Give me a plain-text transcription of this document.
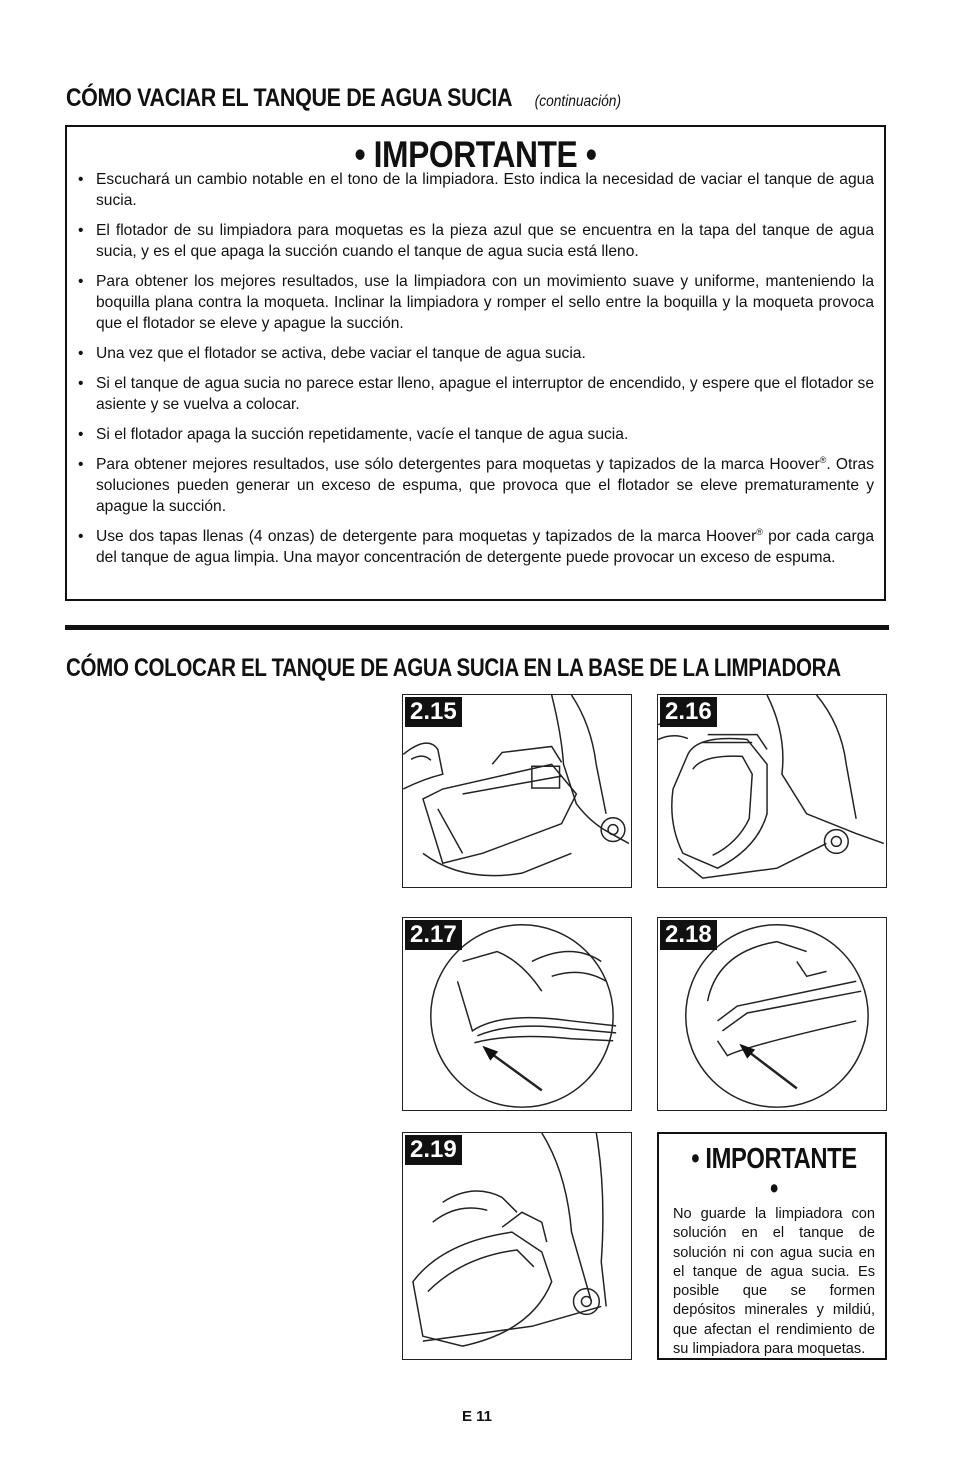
CÓMO VACIAR EL TANQUE DE AGUA SUCIA (continuación)
• IMPORTANTE •
• Escuchará un cambio notable en el tono de la limpiadora. Esto indica la necesidad de vaciar el tanque de agua sucia.
• El flotador de su limpiadora para moquetas es la pieza azul que se encuentra en la tapa del tanque de agua sucia, y es el que apaga la succión cuando el tanque de agua sucia está lleno.
• Para obtener los mejores resultados, use la limpiadora con un movimiento suave y uniforme, manteniendo la boquilla plana contra la moqueta. Inclinar la limpiadora y romper el sello entre la boquilla y la moqueta provoca que el flotador se eleve y apague la succión.
• Una vez que el flotador se activa, debe vaciar el tanque de agua sucia.
• Si el tanque de agua sucia no parece estar lleno, apague el interruptor de encendido, y espere que el flotador se asiente y se vuelva a colocar.
• Si el flotador apaga la succión repetidamente, vacíe el tanque de agua sucia.
• Para obtener mejores resultados, use sólo detergentes para moquetas y tapizados de la marca Hoover®. Otras soluciones pueden generar un exceso de espuma, que provoca que el flotador se eleve prematuramente y apague la succión.
• Use dos tapas llenas (4 onzas) de detergente para moquetas y tapizados de la marca Hoover® por cada carga del tanque de agua limpia. Una mayor concentración de detergente puede provocar un exceso de espuma.
CÓMO COLOCAR EL TANQUE DE AGUA SUCIA EN LA BASE DE LA LIMPIADORA
2.15	2.16
2.17	2.18
2.19	• IMPORTANTE •
No guarde la limpiadora con solución en el tanque de solución ni con agua sucia en el tanque de agua sucia. Es posible que se formen depósitos minerales y mildiú, que afectan el rendimiento de su limpiadora para moquetas.
E 11
